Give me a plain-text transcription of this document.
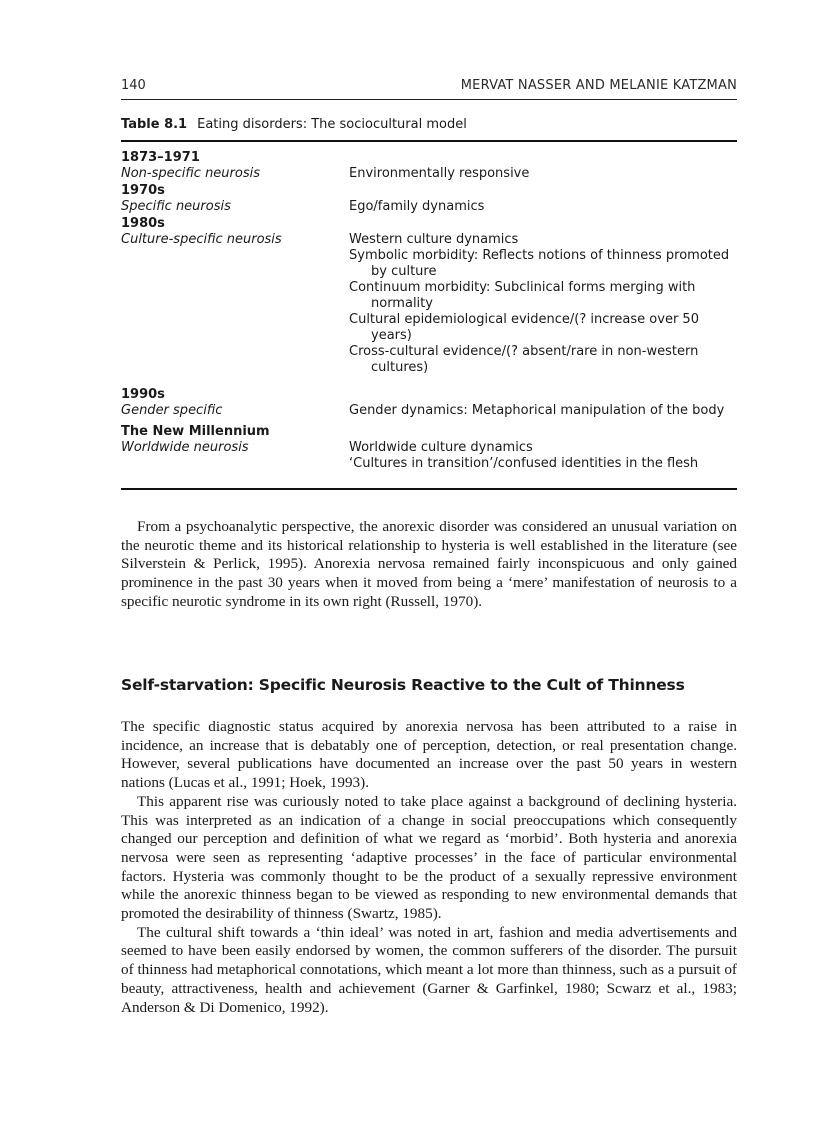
140	MERVAT NASSER AND MELANIE KATZMAN
Table 8.1 Eating disorders: The sociocultural model
1873–1971
Non-specific neurosis	Environmentally responsive
1970s
Specific neurosis	Ego/family dynamics
1980s
Culture-specific neurosis	Western culture dynamics
Symbolic morbidity: Reflects notions of thinness promoted by culture
Continuum morbidity: Subclinical forms merging with normality
Cultural epidemiological evidence/(? increase over 50 years)
Cross-cultural evidence/(? absent/rare in non-western cultures)
1990s
Gender specific	Gender dynamics: Metaphorical manipulation of the body
The New Millennium
Worldwide neurosis	Worldwide culture dynamics
‘Cultures in transition’/confused identities in the flesh

From a psychoanalytic perspective, the anorexic disorder was considered an unusual variation on the neurotic theme and its historical relationship to hysteria is well established in the literature (see Silverstein & Perlick, 1995). Anorexia nervosa remained fairly inconspicuous and only gained prominence in the past 30 years when it moved from being a ‘mere’ manifestation of neurosis to a specific neurotic syndrome in its own right (Russell, 1970).

Self-starvation: Specific Neurosis Reactive to the Cult of Thinness

The specific diagnostic status acquired by anorexia nervosa has been attributed to a raise in incidence, an increase that is debatably one of perception, detection, or real presentation change. However, several publications have documented an increase over the past 50 years in western nations (Lucas et al., 1991; Hoek, 1993).

This apparent rise was curiously noted to take place against a background of declining hysteria. This was interpreted as an indication of a change in social preoccupations which consequently changed our perception and definition of what we regard as ‘morbid’. Both hysteria and anorexia nervosa were seen as representing ‘adaptive processes’ in the face of particular environmental factors. Hysteria was commonly thought to be the product of a sexually repressive environment while the anorexic thinness began to be viewed as responding to new environmental demands that promoted the desirability of thinness (Swartz, 1985).

The cultural shift towards a ‘thin ideal’ was noted in art, fashion and media advertisements and seemed to have been easily endorsed by women, the common sufferers of the disorder. The pursuit of thinness had metaphorical connotations, which meant a lot more than thinness, such as a pursuit of beauty, attractiveness, health and achievement (Garner & Garfinkel, 1980; Scwarz et al., 1983; Anderson & Di Domenico, 1992).
